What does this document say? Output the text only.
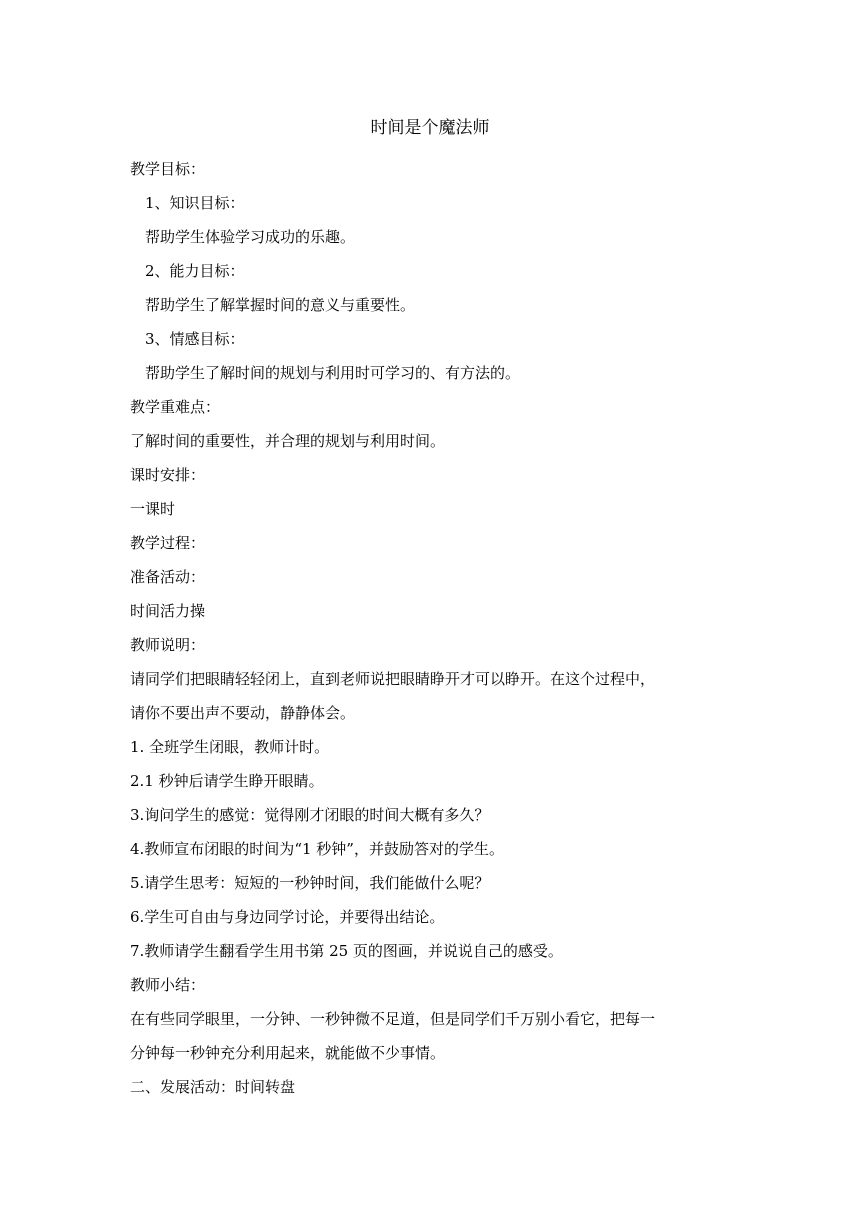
时间是个魔法师
教学目标：
1、知识目标：
帮助学生体验学习成功的乐趣。
2、能力目标：
帮助学生了解掌握时间的意义与重要性。
3、情感目标：
帮助学生了解时间的规划与利用时可学习的、有方法的。
教学重难点：
了解时间的重要性，并合理的规划与利用时间。
课时安排：
一课时
教学过程：
准备活动：
时间活力操
教师说明：
请同学们把眼睛轻轻闭上，直到老师说把眼睛睁开才可以睁开。在这个过程中，
请你不要出声不要动，静静体会。
1. 全班学生闭眼，教师计时。
2.1 秒钟后请学生睁开眼睛。
3.询问学生的感觉：觉得刚才闭眼的时间大概有多久？
4.教师宣布闭眼的时间为“1 秒钟”，并鼓励答对的学生。
5.请学生思考：短短的一秒钟时间，我们能做什么呢？
6.学生可自由与身边同学讨论，并要得出结论。
7.教师请学生翻看学生用书第 25 页的图画，并说说自己的感受。
教师小结：
在有些同学眼里，一分钟、一秒钟微不足道，但是同学们千万别小看它，把每一
分钟每一秒钟充分利用起来，就能做不少事情。
二、发展活动：时间转盘
